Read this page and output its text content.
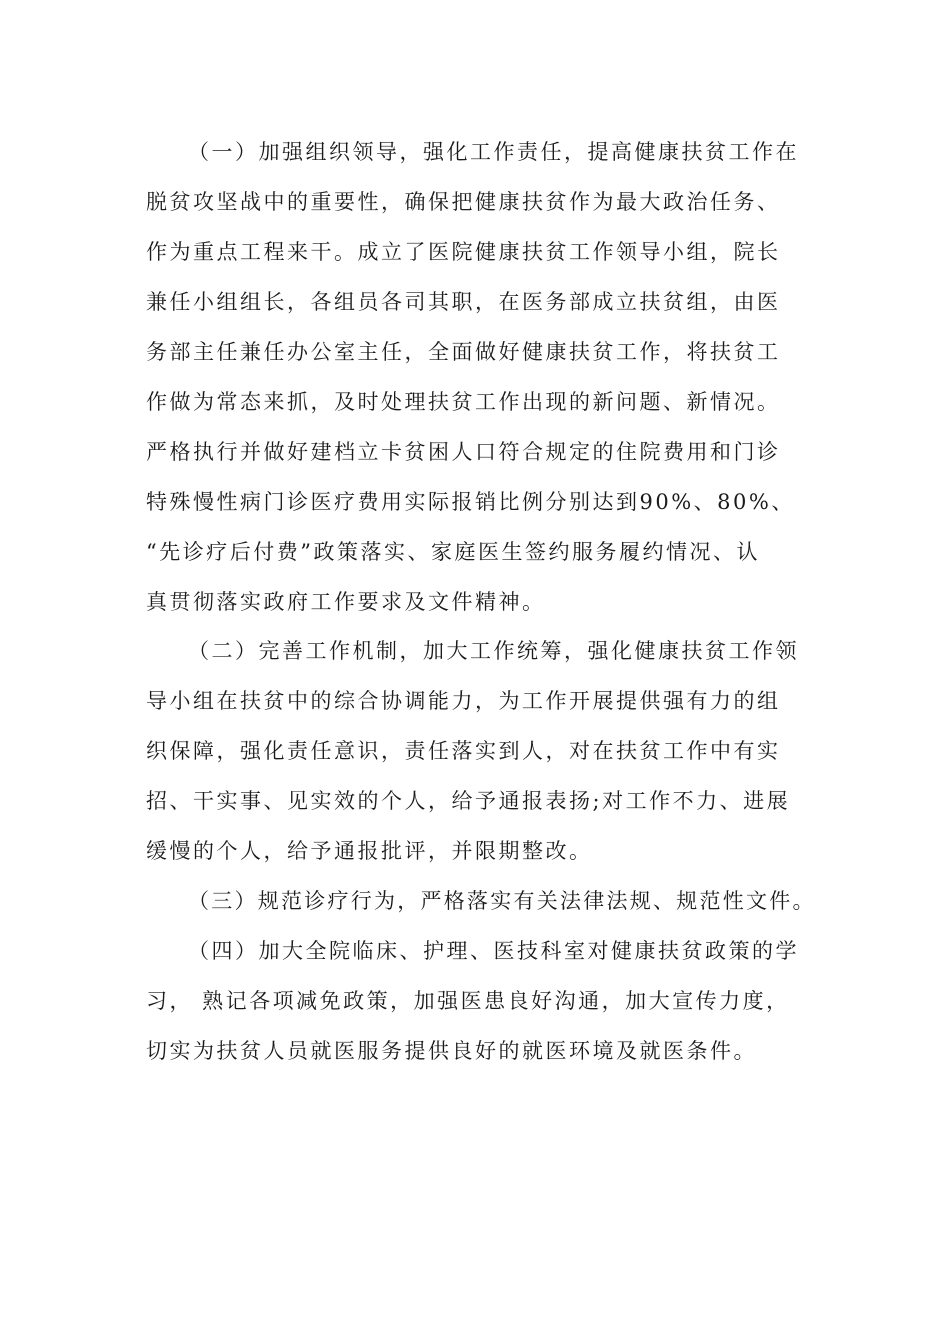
（一）加强组织领导，强化工作责任，提高健康扶贫工作在
脱贫攻坚战中的重要性，确保把健康扶贫作为最大政治任务、
作为重点工程来干。成立了医院健康扶贫工作领导小组，院长
兼任小组组长，各组员各司其职，在医务部成立扶贫组，由医
务部主任兼任办公室主任，全面做好健康扶贫工作，将扶贫工
作做为常态来抓，及时处理扶贫工作出现的新问题、新情况。
严格执行并做好建档立卡贫困人口符合规定的住院费用和门诊
特殊慢性病门诊医疗费用实际报销比例分别达到90%、80%、
“先诊疗后付费”政策落实、家庭医生签约服务履约情况、认
真贯彻落实政府工作要求及文件精神。
（二）完善工作机制，加大工作统筹，强化健康扶贫工作领
导小组在扶贫中的综合协调能力，为工作开展提供强有力的组
织保障，强化责任意识，责任落实到人，对在扶贫工作中有实
招、干实事、见实效的个人，给予通报表扬;对工作不力、进展
缓慢的个人，给予通报批评，并限期整改。
（三）规范诊疗行为，严格落实有关法律法规、规范性文件。
（四）加大全院临床、护理、医技科室对健康扶贫政策的学
习， 熟记各项减免政策，加强医患良好沟通，加大宣传力度，
切实为扶贫人员就医服务提供良好的就医环境及就医条件。
